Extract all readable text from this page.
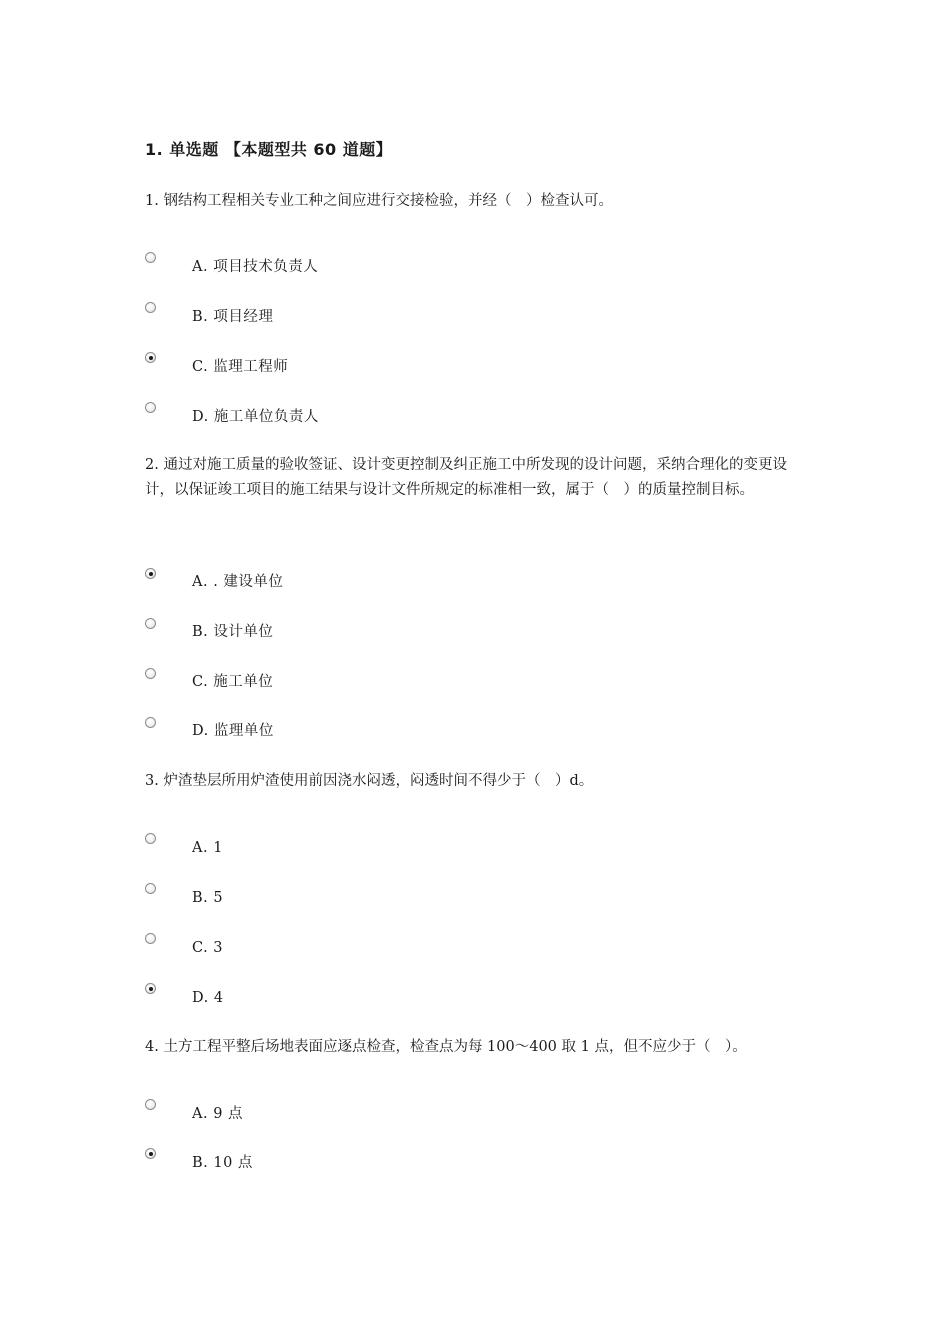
1. 单选题 【本题型共 60 道题】
1. 钢结构工程相关专业工种之间应进行交接检验，并经（　）检查认可。
A. 项目技术负责人
B. 项目经理
C. 监理工程师
D. 施工单位负责人
2. 通过对施工质量的验收签证、设计变更控制及纠正施工中所发现的设计问题，采纳合理化的变更设计，以保证竣工项目的施工结果与设计文件所规定的标准相一致，属于（　）的质量控制目标。
A. . 建设单位
B. 设计单位
C. 施工单位
D. 监理单位
3. 炉渣垫层所用炉渣使用前因浇水闷透，闷透时间不得少于（　）d。
A. 1
B. 5
C. 3
D. 4
4. 土方工程平整后场地表面应逐点检查，检查点为每 100～400 取 1 点，但不应少于（　）。
A. 9 点
B. 10 点
